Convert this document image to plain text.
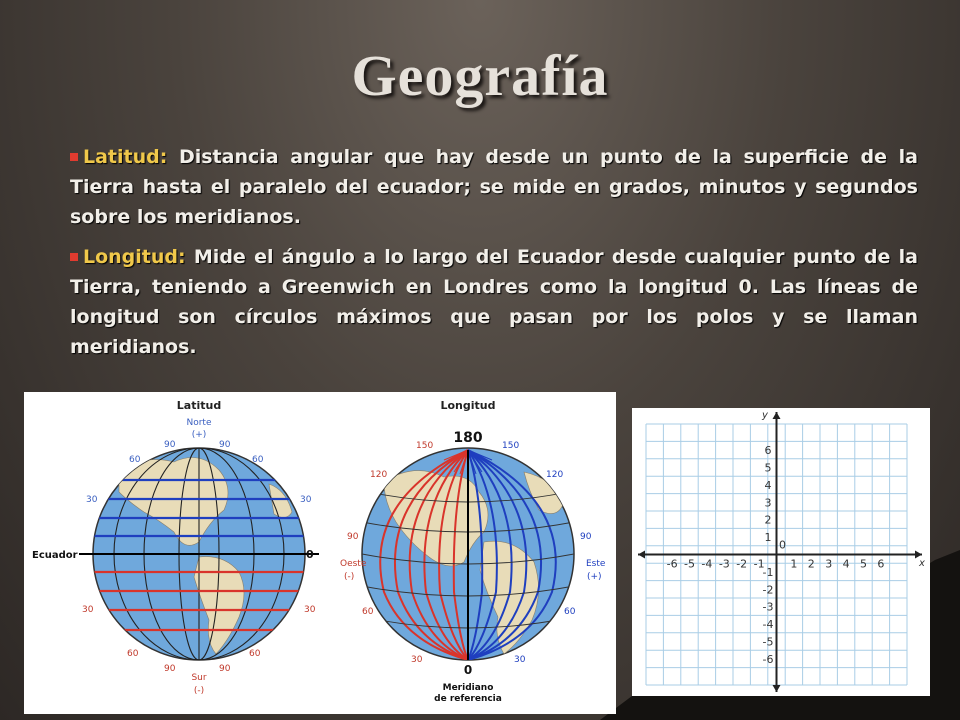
Geografía

Latitud: Distancia angular que hay desde un punto de la superficie de la Tierra hasta el paralelo del ecuador; se mide en grados, minutos y segundos sobre los meridianos.

Longitud: Mide el ángulo a lo largo del Ecuador desde cualquier punto de la Tierra, teniendo a Greenwich en Londres como la longitud 0. Las líneas de longitud son círculos máximos que pasan por los polos y se llaman meridianos.

Latitud
Norte
(+)
Ecuador	0
90	90
60	60
30	30
30	30
60	60
90	90
Sur
(-)
Longitud
180
150
120
90
60
30
150
120
90
60
30
Oeste
(-)
Este
(+)
0
Meridiano
de referencia
-6 -5 -4 -3 -2 -1
0
1 2 3 4 5 6
6
5
4
3
2
1
-1
-2
-3
-4
-5
-6
x
y
